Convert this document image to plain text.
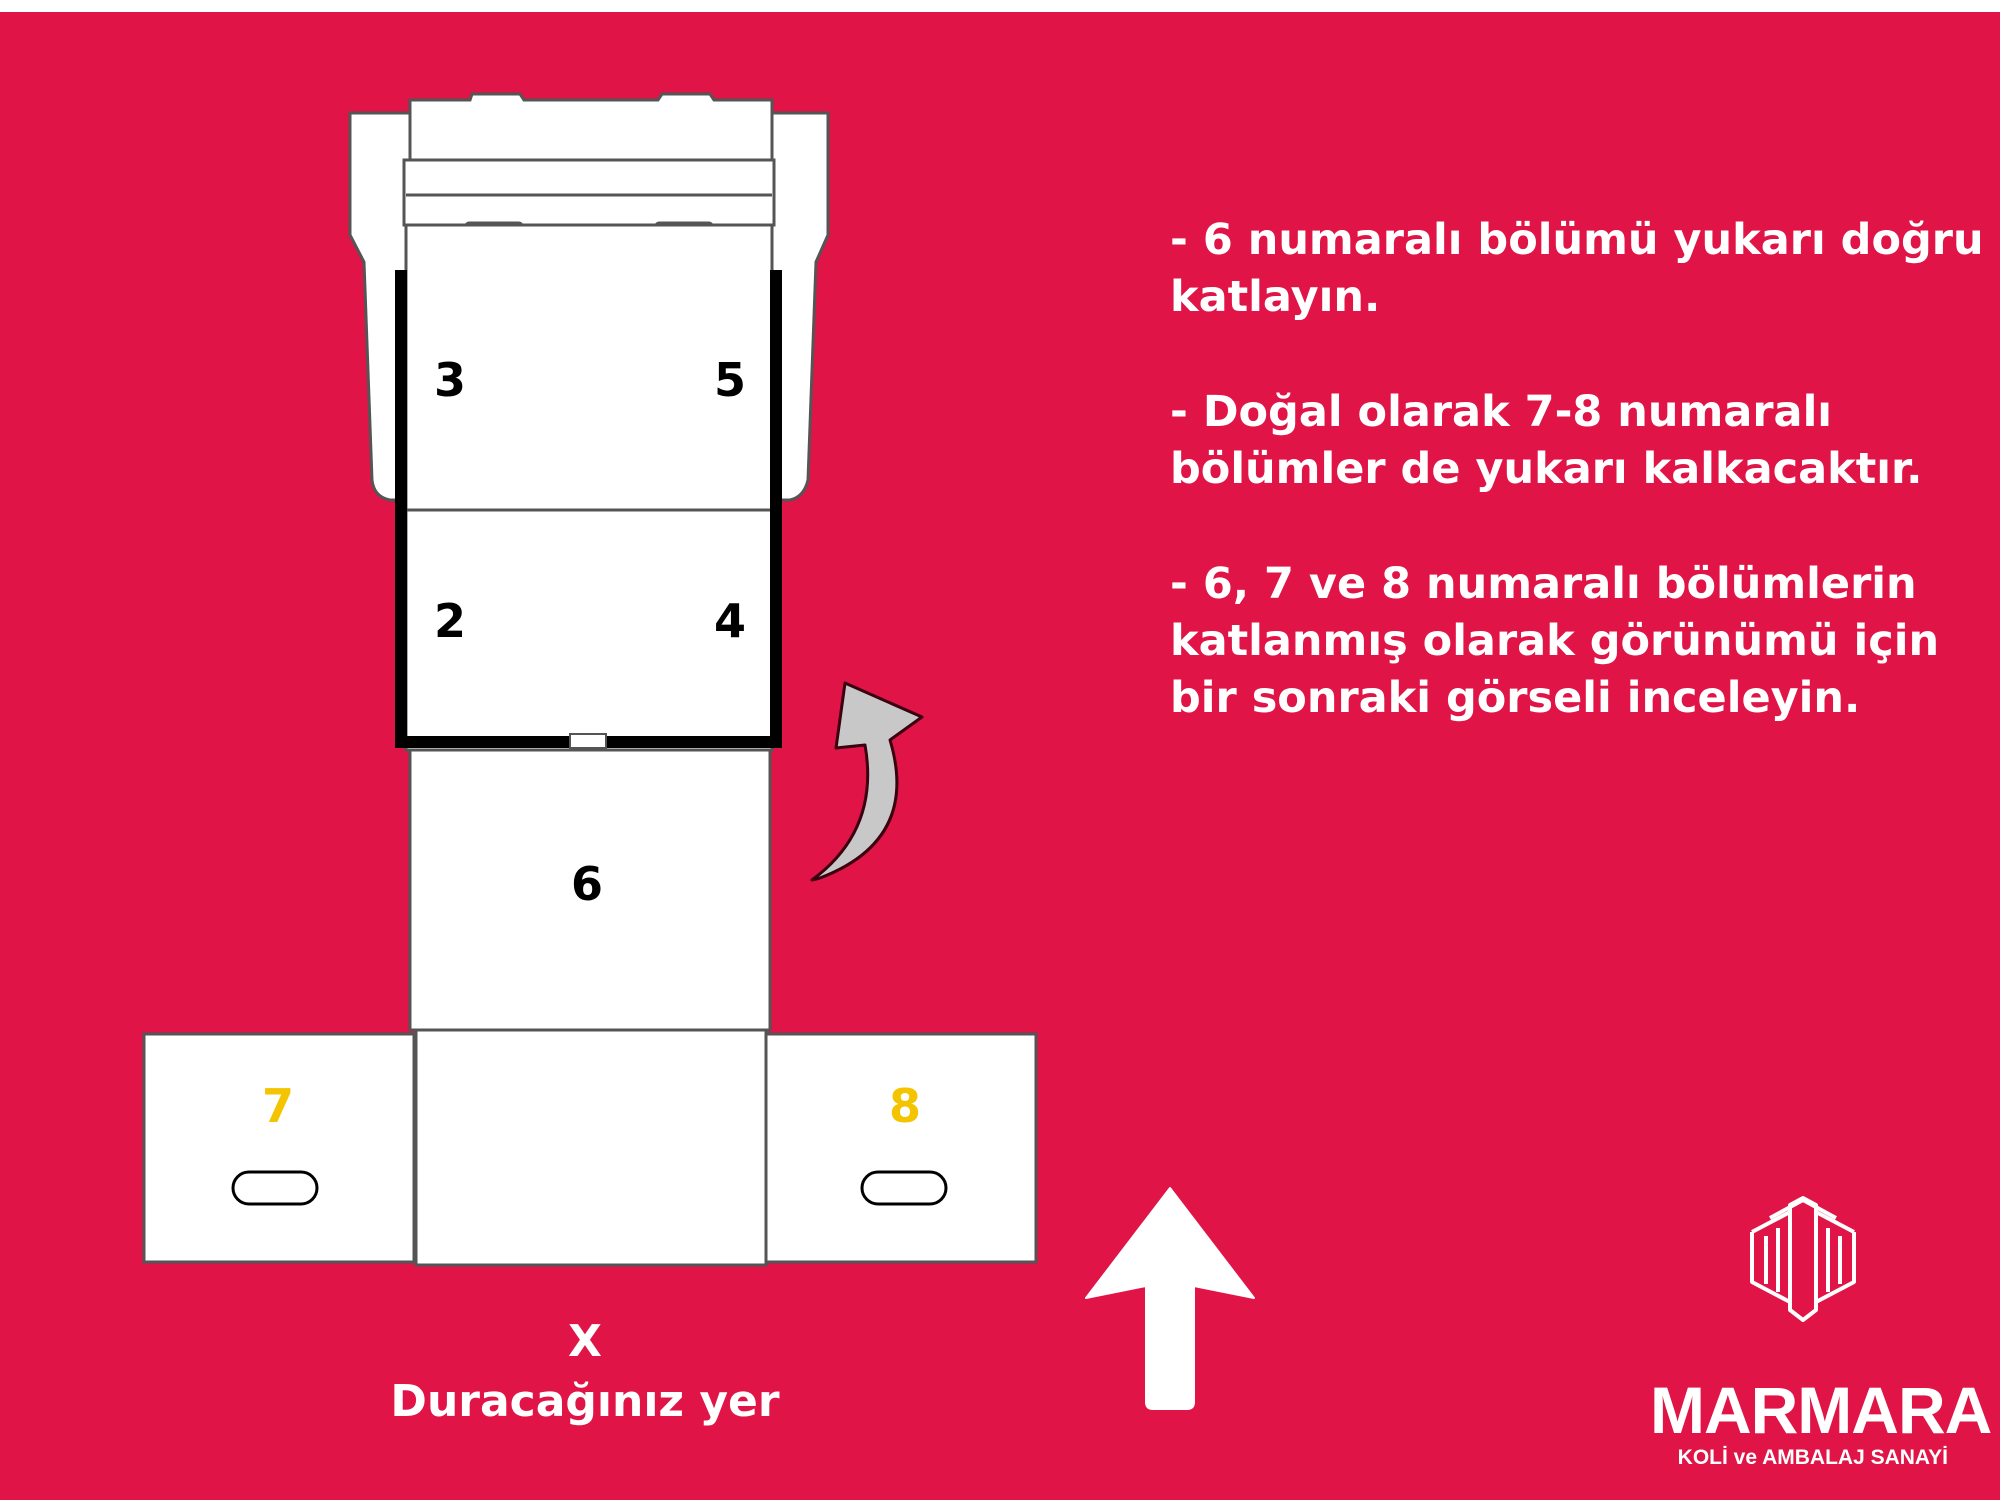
3	5
2	4
6
7	8

- 6 numaralı bölümü yukarı doğru katlayın.

- Doğal olarak 7-8 numaralı bölümler de yukarı kalkacaktır.

- 6, 7 ve 8 numaralı bölümlerin katlanmış olarak görünümü için bir sonraki görseli inceleyin.

X
Duracağınız yer	MARMARA
KOLİ ve AMBALAJ SANAYİ
